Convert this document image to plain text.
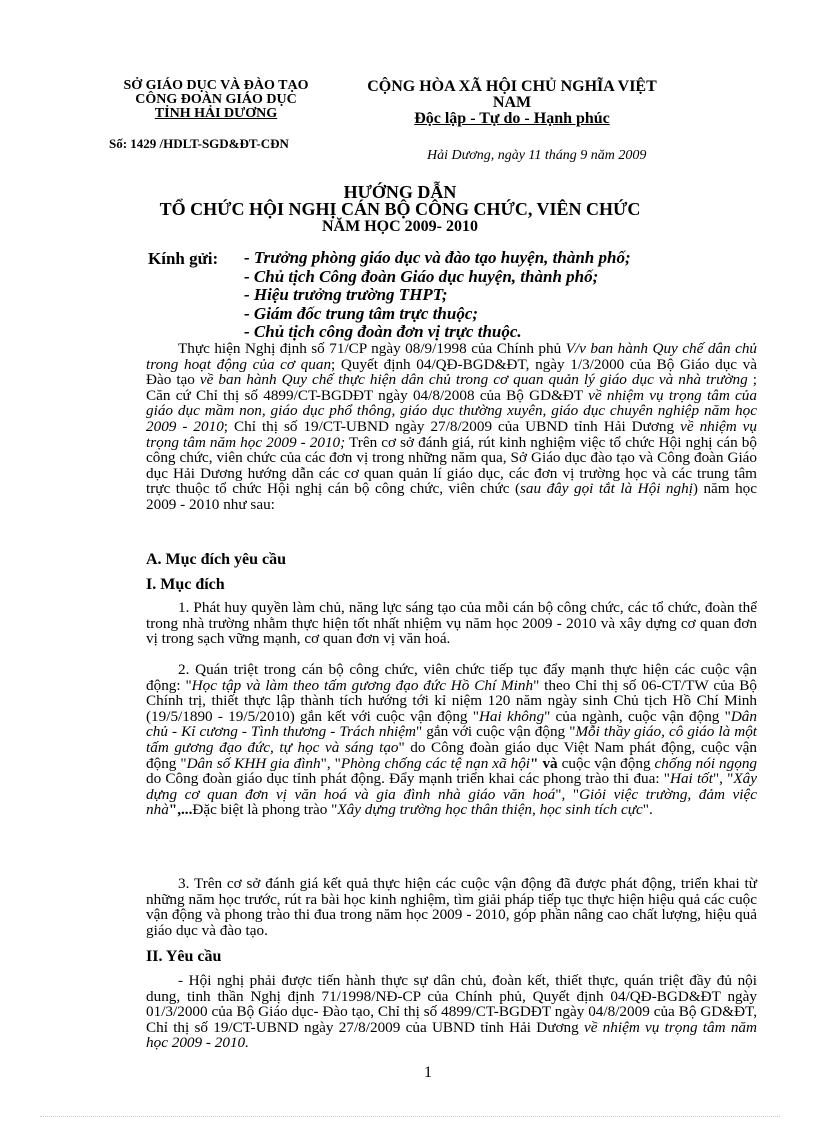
SỞ GIÁO DỤC VÀ ĐÀO TẠO
CÔNG ĐOÀN GIÁO DỤC
TỈNH HẢI DƯƠNG
CỘNG HÒA XÃ HỘI CHỦ NGHĨA VIỆT NAM
Độc lập - Tự do - Hạnh phúc
Số: 1429 /HDLT-SGD&ĐT-CĐN
Hải Dương, ngày 11 tháng 9 năm 2009
HƯỚNG DẪN
TỔ CHỨC HỘI NGHỊ CÁN BỘ CÔNG CHỨC, VIÊN CHỨC
NĂM HỌC 2009- 2010
Kính gửi: - Trưởng phòng giáo dục và đào tạo huyện, thành phố;
- Chủ tịch Công đoàn Giáo dục huyện, thành phố;
- Hiệu trưởng trường THPT;
- Giám đốc trung tâm trực thuộc;
- Chủ tịch công đoàn đơn vị trực thuộc.

Thực hiện Nghị định số 71/CP ngày 08/9/1998 của Chính phủ V/v ban hành Quy chế dân chủ trong hoạt động của cơ quan; Quyết định 04/QĐ-BGD&ĐT, ngày 1/3/2000 của Bộ Giáo dục và Đào tạo về ban hành Quy chế thực hiện dân chủ trong cơ quan quản lý giáo dục và nhà trường ; Căn cứ Chỉ thị số 4899/CT-BGDĐT ngày 04/8/2008 của Bộ GD&ĐT về nhiệm vụ trọng tâm của giáo dục mầm non, giáo dục phổ thông, giáo dục thường xuyên, giáo dục chuyên nghiệp năm học 2009 - 2010; Chỉ thị số 19/CT-UBND ngày 27/8/2009 của UBND tỉnh Hải Dương về nhiệm vụ trọng tâm năm học 2009 - 2010; Trên cơ sở đánh giá, rút kinh nghiệm việc tổ chức Hội nghị cán bộ công chức, viên chức của các đơn vị trong những năm qua, Sở Giáo dục đào tạo và Công đoàn Giáo dục Hải Dương hướng dẫn các cơ quan quản lí giáo dục, các đơn vị trường học và các trung tâm trực thuộc tổ chức Hội nghị cán bộ công chức, viên chức (sau đây gọi tắt là Hội nghị) năm học 2009 - 2010 như sau:

A. Mục đích yêu cầu
I. Mục đích

1. Phát huy quyền làm chủ, năng lực sáng tạo của mỗi cán bộ công chức, các tổ chức, đoàn thể trong nhà trường nhằm thực hiện tốt nhất nhiệm vụ năm học 2009 - 2010 và xây dựng cơ quan đơn vị trong sạch vững mạnh, cơ quan đơn vị văn hoá.

2. Quán triệt trong cán bộ công chức, viên chức tiếp tục đẩy mạnh thực hiện các cuộc vận động: "Học tập và làm theo tấm gương đạo đức Hồ Chí Minh" theo Chỉ thị số 06-CT/TW của Bộ Chính trị, thiết thực lập thành tích hướng tới kỉ niệm 120 năm ngày sinh Chủ tịch Hồ Chí Minh (19/5/1890 - 19/5/2010) gắn kết với cuộc vận động "Hai không" của ngành, cuộc vận động "Dân chủ - Kỉ cương - Tình thương - Trách nhiệm" gắn với cuộc vận động "Mỗi thầy giáo, cô giáo là một tấm gương đạo đức, tự học và sáng tạo" do Công đoàn giáo dục Việt Nam phát động, cuộc vận động "Dân số KHH gia đình", "Phòng chống các tệ nạn xã hội" và cuộc vận động chống nói ngọng do Công đoàn giáo dục tỉnh phát động. Đẩy mạnh triển khai các phong trào thi đua: "Hai tốt", "Xây dựng cơ quan đơn vị văn hoá và gia đình nhà giáo văn hoá", "Giỏi việc trường, đảm việc nhà",...Đặc biệt là phong trào "Xây dựng trường học thân thiện, học sinh tích cực".

3. Trên cơ sở đánh giá kết quả thực hiện các cuộc vận động đã được phát động, triển khai từ những năm học trước, rút ra bài học kinh nghiệm, tìm giải pháp tiếp tục thực hiện hiệu quả các cuộc vận động và phong trào thi đua trong năm học 2009 - 2010, góp phần nâng cao chất lượng, hiệu quả giáo dục và đào tạo.

II. Yêu cầu

- Hội nghị phải được tiến hành thực sự dân chủ, đoàn kết, thiết thực, quán triệt đầy đủ nội dung, tinh thần Nghị định 71/1998/NĐ-CP của Chính phủ, Quyết định 04/QĐ-BGD&ĐT ngày 01/3/2000 của Bộ Giáo dục- Đào tạo, Chỉ thị số 4899/CT-BGDĐT ngày 04/8/2009 của Bộ GD&ĐT, Chỉ thị số 19/CT-UBND ngày 27/8/2009 của UBND tỉnh Hải Dương về nhiệm vụ trọng tâm năm học 2009 - 2010.

1
